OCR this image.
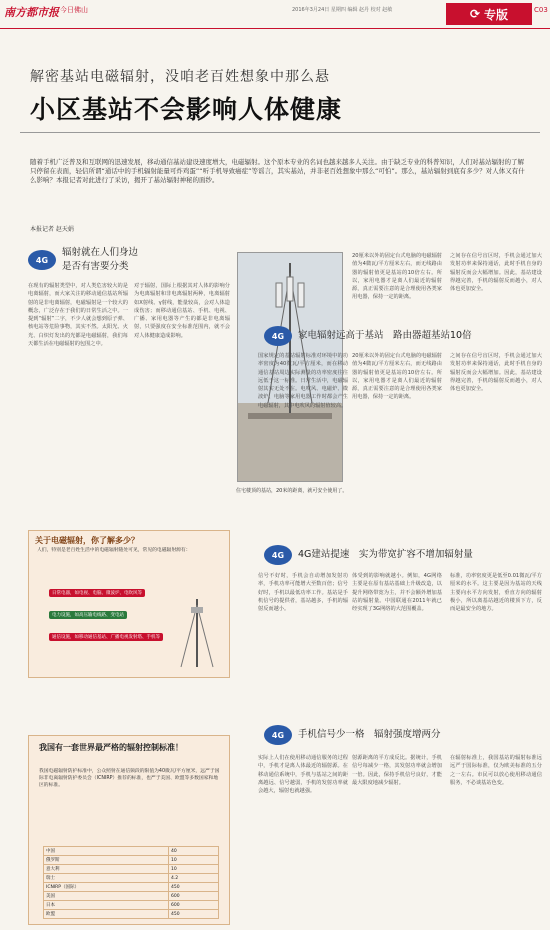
南方都市报 今日佛山	2016年3月24日 星期四 编辑 赵丹 校对 赵敏	⟳ 专版	C03
解密基站电磁辐射，没咱老百姓想象中那么悬
小区基站不会影响人体健康

随着手机广泛普及和互联网的迅速发展，移动通信基站建设速度增大，电磁辐射。这个原本专业的名词也越来越多人关注。由于缺乏专业的科普知识，人们对基站辐射的了解只停留在表面，轻信所谓“通话中的手机辐射能量可炸鸡蛋”“听手机导致癌症”等谣言，其实基站，并非老百姓想象中那么“可怕”。那么，基站辐射到底有多少？对人体又有什么影响？本报记者对此进行了采访，揭开了基站辐射神秘的面纱。

本报记者 赵天娟
4G
辐射就在人们身边
是否有害要分类

在现有的辐射类型中，对人类危害较大的是电离辐射，而大家关注的移动通信基站所辐射的是非电离辐射，电磁辐射是一个较大的概念，广泛存在于我们的日常生活之中。一提到“辐射”二字，不少人就会想到原子弹、核电站等危险事物，其实不然。太阳光、火光、白炽灯发出的光都是电磁辐射，我们每天都生活在电磁辐射的包围之中。

对于辐射，国际上根据其对人体的影响分为电离辐射和非电离辐射两种，电离辐射如X射线、γ射线，能量较高，会对人体造成伤害；而移动通信基站、手机、电视、广播、家用电器等产生的都是非电离辐射，只要强度在安全标准范围内，就不会对人体健康造成影响。

住宅楼顶的基站，20米的距离，就可安全使用了。
4G	家电辐射远高于基站　路由器超基站10倍

20厘米以外的固定台式电脑的电磁辐射值为4微瓦/平方厘米左右，而无线路由器的辐射值更是基站的10倍左右。所以，家用电器才是离人们最近的辐射源，真正需要注意的是合理使用各类家用电器，保持一定的距离。

之间存在信号盲区时，手机会通过加大发射功率来保持通话，此时手机自身的辐射反而会大幅增加。因此，基站建设得越完善，手机的辐射反而越小，对人体也更加安全。

国家规定的基站辐射标准对环境中的功率密度为40微瓦/平方厘米，而在移动通信基站周边实际测量的功率密度往往远低于这一标准。日常生活中，电磁辐射其实无处不在。电吹风、电磁炉、微波炉、电脑等家用电器工作时都会产生电磁辐射，其中电吹风的辐射值较高。

20厘米以外的固定台式电脑的电磁辐射值为4微瓦/平方厘米左右，而无线路由器的辐射值更是基站的10倍左右。所以，家用电器才是离人们最近的辐射源，真正需要注意的是合理使用各类家用电器，保持一定的距离。

之间存在信号盲区时，手机会通过加大发射功率来保持通话，此时手机自身的辐射反而会大幅增加。因此，基站建设得越完善，手机的辐射反而越小，对人体也更加安全。

关于电磁辐射，你了解多少？
人们，特别是老百姓生活中的电磁辐射随处可见，常见的电磁辐射源有：
日常电器，如电视、电脑、微波炉、电吹风等
电力设施，如高压输电线路、变电站
通信设施，如移动通信基站、广播电视发射塔、手机等
4G	4G建站提速　实为带宽扩容不增加辐射量

信号不好时，手机会自动增加发射功率，手机功率可能增大至数百倍；信号好时，手机以最低功率工作。基站是手机信号的提供者，基站越多，手机的辐射反而越小。

体受到的影响就越小。例如，4G网络主要是在原有基站基础上升级改造，以提升网络带宽为主，并不会额外增加基站的辐射量。中国联通在2011年就已经实现了3G网络的大范围覆盖。

标准，功率密度更是低至0.01微瓦/平方厘米的水平。这主要是因为基站的天线主要向水平方向发射，垂直方向的辐射极小，所以离基站越近的楼顶下方，反而是最安全的地方。

我国有一套世界最严格的辐射控制标准！
我国电磁辐射防护标准中，公众照射在通信频段的限值为40微瓦/平方厘米，远严于国际非电离辐射防护委员会（ICNIRP）推荐的标准，也严于美国、欧盟等多数国家和地区的标准。
中国	40
俄罗斯	10
意大利	10
瑞士	4.2
ICNIRP（国际）	450
美国	600
日本	600
欧盟	450
4G	手机信号少一格　辐射强度增两分

实际上人们在使用移动通信服务的过程中，手机才是离人体最近的辐射源。在移动通信系统中，手机与基站之间的距离越远、信号越弱，手机的发射功率就会越大，辐射也就越强。

射源距离的平方成反比。据统计，手机信号每减少一格，其发射功率就会增加一倍。因此，保持手机信号良好，才能最大限度地减少辐射。

在辐射标准上，我国基站的辐射标准远远严于国际标准，仅为欧美标准的五分之一左右。市民可以放心使用移动通信服务，不必谈基站色变。
